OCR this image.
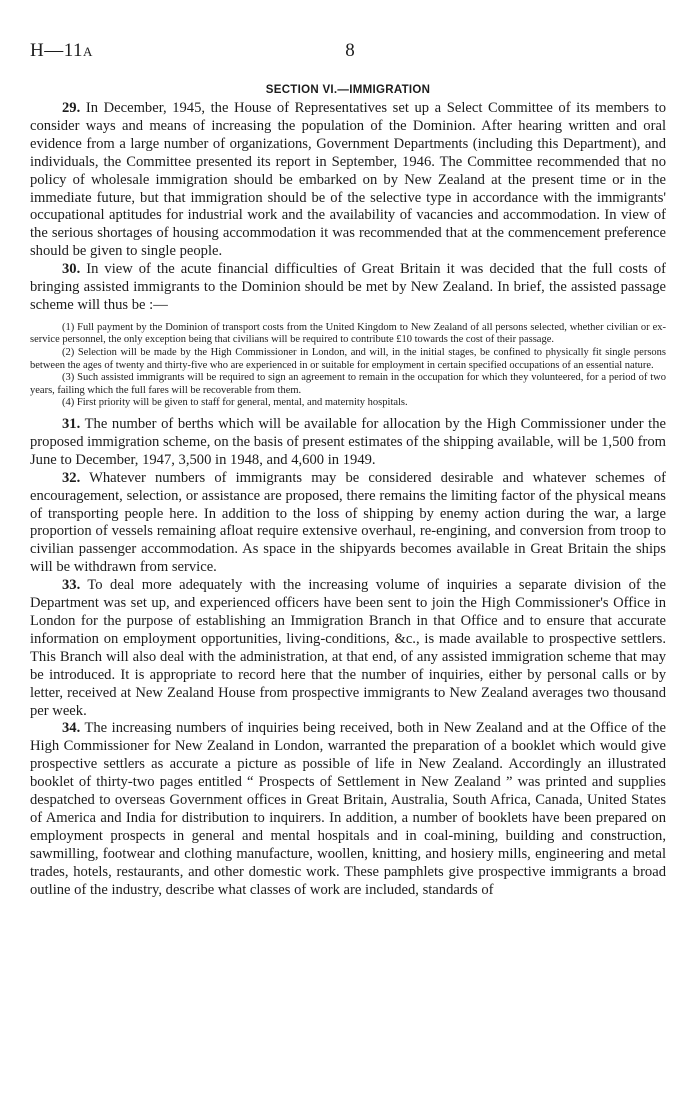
H—11A	8
SECTION VI.—IMMIGRATION

29. In December, 1945, the House of Representatives set up a Select Committee of its members to consider ways and means of increasing the population of the Dominion. After hearing written and oral evidence from a large number of organizations, Government Departments (including this Department), and individuals, the Committee presented its report in September, 1946. The Committee recommended that no policy of wholesale immigration should be embarked on by New Zealand at the present time or in the immediate future, but that immigration should be of the selective type in accordance with the immigrants' occupational aptitudes for industrial work and the availability of vacancies and accommodation. In view of the serious shortages of housing accommodation it was recommended that at the commencement preference should be given to single people.

30. In view of the acute financial difficulties of Great Britain it was decided that the full costs of bringing assisted immigrants to the Dominion should be met by New Zealand. In brief, the assisted passage scheme will thus be :—

(1) Full payment by the Dominion of transport costs from the United Kingdom to New Zealand of all persons selected, whether civilian or ex-service personnel, the only exception being that civilians will be required to contribute £10 towards the cost of their passage.

(2) Selection will be made by the High Commissioner in London, and will, in the initial stages, be confined to physically fit single persons between the ages of twenty and thirty-five who are experienced in or suitable for employment in certain specified occupations of an essential nature.

(3) Such assisted immigrants will be required to sign an agreement to remain in the occupation for which they volunteered, for a period of two years, failing which the full fares will be recoverable from them.

(4) First priority will be given to staff for general, mental, and maternity hospitals.

31. The number of berths which will be available for allocation by the High Commissioner under the proposed immigration scheme, on the basis of present estimates of the shipping available, will be 1,500 from June to December, 1947, 3,500 in 1948, and 4,600 in 1949.

32. Whatever numbers of immigrants may be considered desirable and whatever schemes of encouragement, selection, or assistance are proposed, there remains the limiting factor of the physical means of transporting people here. In addition to the loss of shipping by enemy action during the war, a large proportion of vessels remaining afloat require extensive overhaul, re-engining, and conversion from troop to civilian passenger accommodation. As space in the shipyards becomes available in Great Britain the ships will be withdrawn from service.

33. To deal more adequately with the increasing volume of inquiries a separate division of the Department was set up, and experienced officers have been sent to join the High Commissioner's Office in London for the purpose of establishing an Immigration Branch in that Office and to ensure that accurate information on employment opportunities, living-conditions, &c., is made available to prospective settlers. This Branch will also deal with the administration, at that end, of any assisted immigration scheme that may be introduced. It is appropriate to record here that the number of inquiries, either by personal calls or by letter, received at New Zealand House from prospective immigrants to New Zealand averages two thousand per week.

34. The increasing numbers of inquiries being received, both in New Zealand and at the Office of the High Commissioner for New Zealand in London, warranted the preparation of a booklet which would give prospective settlers as accurate a picture as possible of life in New Zealand. Accordingly an illustrated booklet of thirty-two pages entitled “ Prospects of Settlement in New Zealand ” was printed and supplies despatched to overseas Government offices in Great Britain, Australia, South Africa, Canada, United States of America and India for distribution to inquirers. In addition, a number of booklets have been prepared on employment prospects in general and mental hospitals and in coal-mining, building and construction, sawmilling, footwear and clothing manufacture, woollen, knitting, and hosiery mills, engineering and metal trades, hotels, restaurants, and other domestic work. These pamphlets give prospective immigrants a broad outline of the industry, describe what classes of work are included, standards of
